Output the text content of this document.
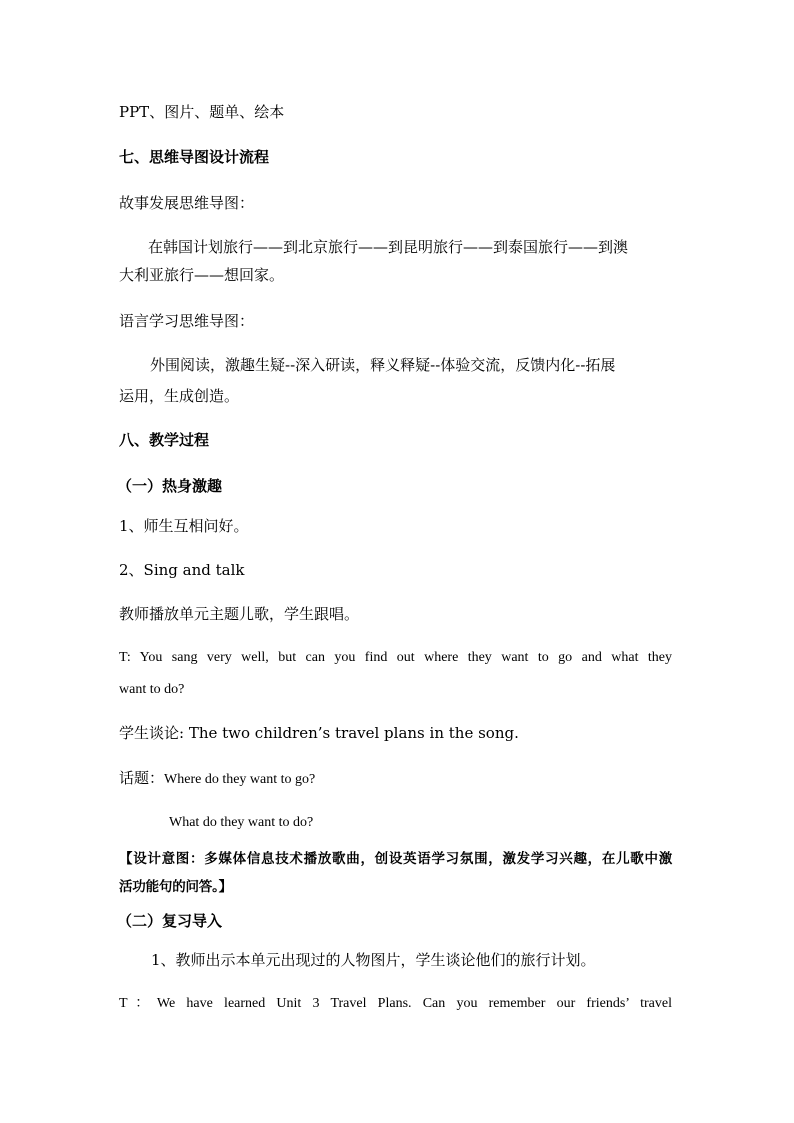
PPT、图片、题单、绘本
七、思维导图设计流程
故事发展思维导图：
在韩国计划旅行——到北京旅行——到昆明旅行——到泰国旅行——到澳
大利亚旅行——想回家。
语言学习思维导图：
外围阅读，激趣生疑--深入研读，释义释疑--体验交流，反馈内化--拓展
运用，生成创造。
八、教学过程
（一）热身激趣
1、师生互相问好。
2、Sing and talk
教师播放单元主题儿歌，学生跟唱。
T: You sang very well, but can you find out where they want to go and what they
want to do?
学生谈论: The two children’s travel plans in the song.
话题：Where do they want to go?
What do they want to do?
【设计意图：多媒体信息技术播放歌曲，创设英语学习氛围，激发学习兴趣，在儿歌中激
活功能句的问答。】
（二）复习导入
1、教师出示本单元出现过的人物图片，学生谈论他们的旅行计划。
T：We have learned Unit 3 Travel Plans. Can you remember our friends’ travel
